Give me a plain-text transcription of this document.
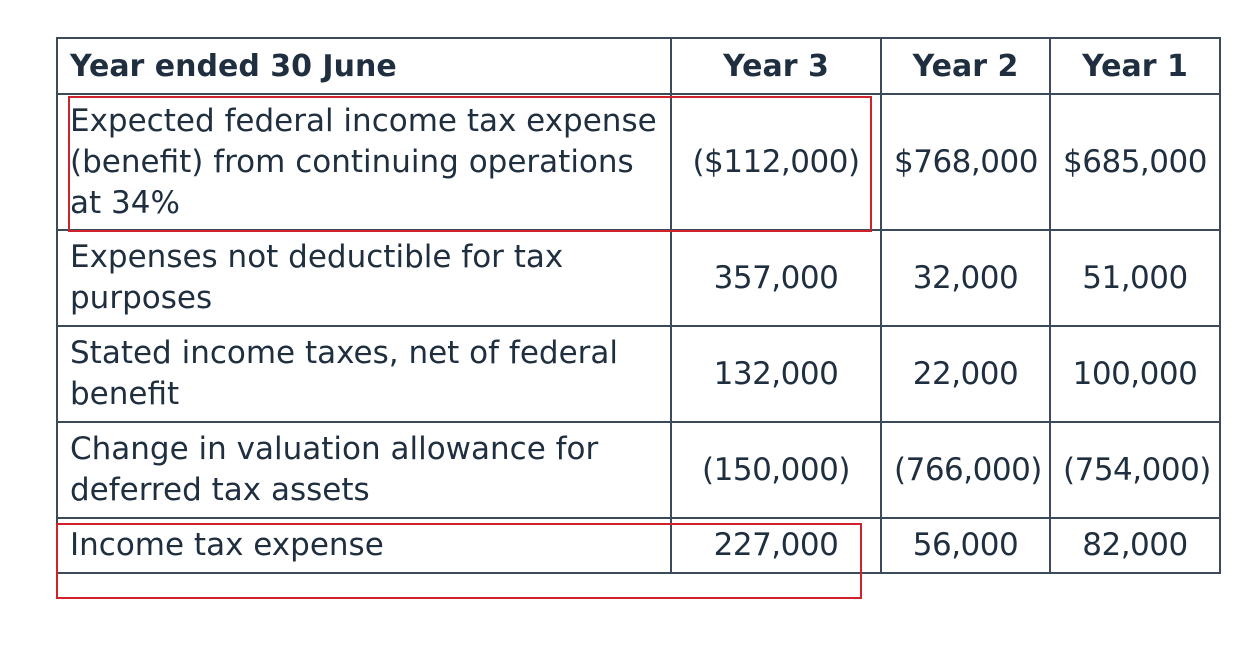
Year ended 30 June	Year 3	Year 2	Year 1
Expected federal income tax expense (benefit) from continuing operations at 34%	($112,000)	$768,000	$685,000
Expenses not deductible for tax purposes	357,000	32,000	51,000
Stated income taxes, net of federal benefit	132,000	22,000	100,000
Change in valuation allowance for deferred tax assets	(150,000)	(766,000)	(754,000)
Income tax expense	227,000	56,000	82,000
